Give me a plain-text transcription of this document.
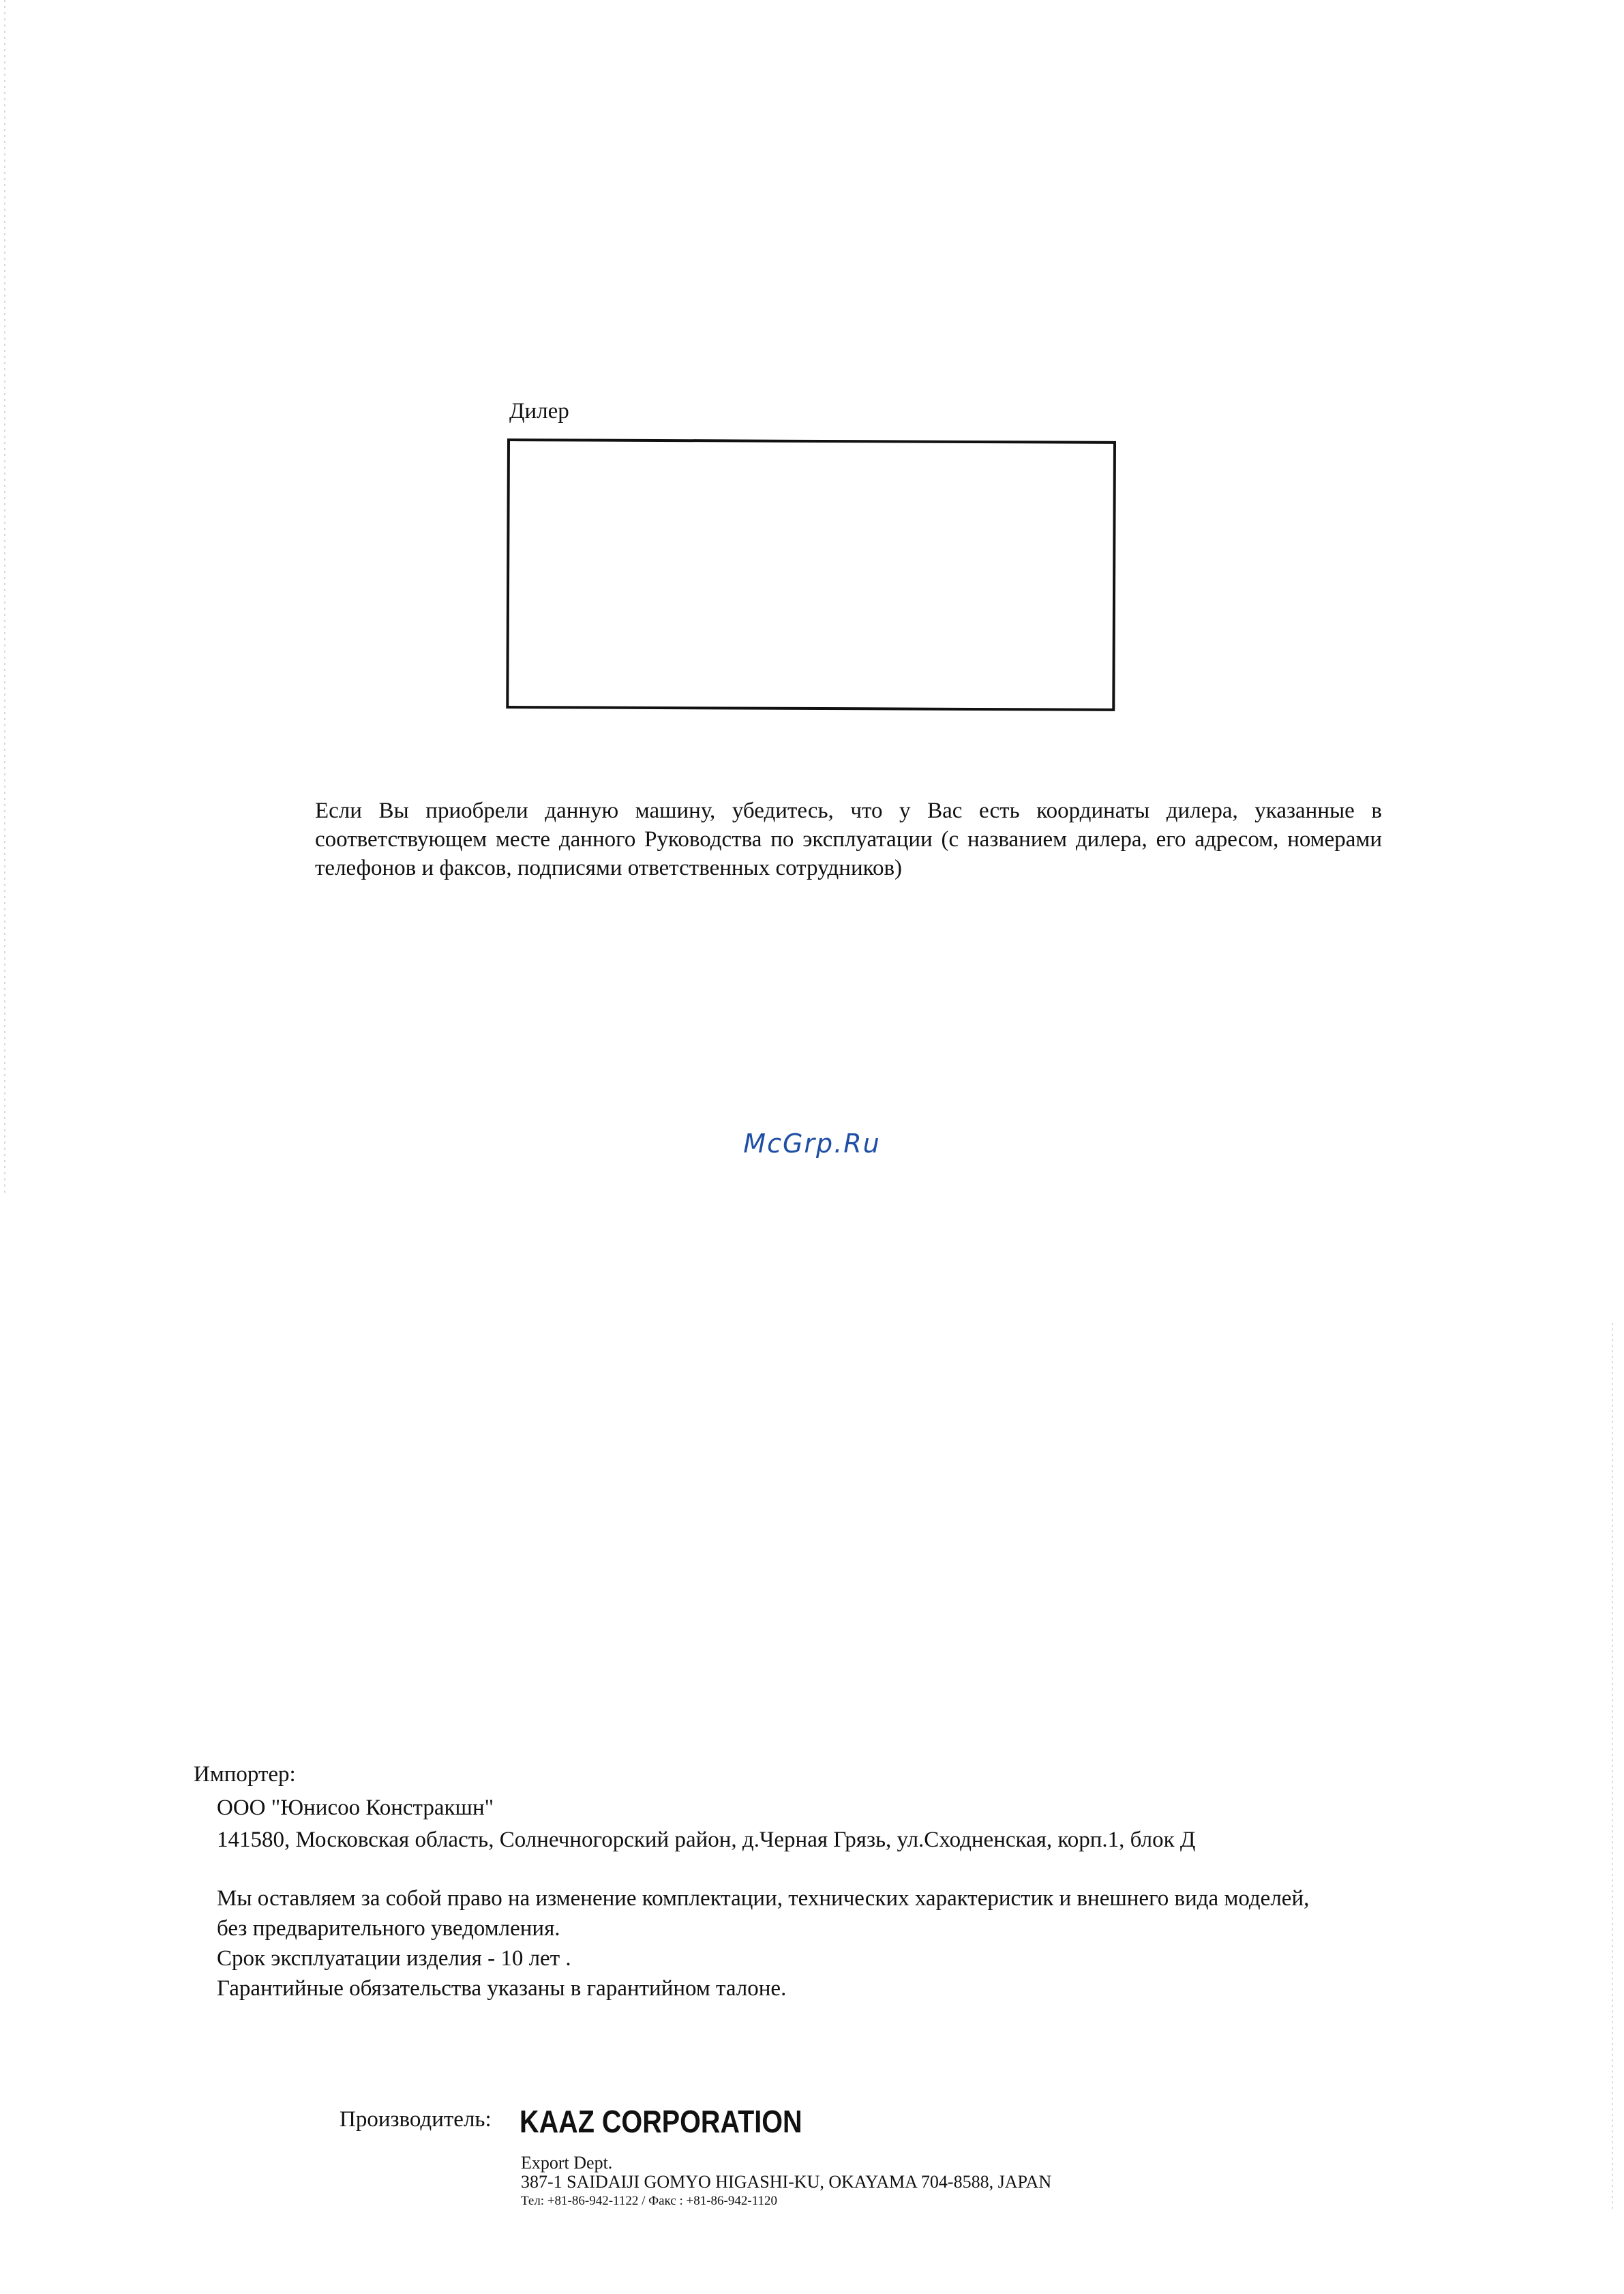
Дилер
Если Вы приобрели данную машину, убедитесь, что у Вас есть координаты дилера, указанные в соответствующем месте данного Руководства по эксплуатации (с названием дилера, его адресом, номерами телефонов и факсов, подписями ответственных сотрудников)
McGrp.Ru
Импортер:
ООО "Юнисоо Констракшн"
141580, Московская область, Солнечногорский район, д.Черная Грязь, ул.Сходненская, корп.1, блок Д
Мы оставляем за собой право на изменение комплектации, технических характеристик и внешнего вида моделей,
без предварительного уведомления.
Срок эксплуатации изделия - 10 лет .
Гарантийные обязательства указаны в гарантийном талоне.
Производитель: KAAZ CORPORATION
Export Dept.
387-1 SAIDAIJI GOMYO HIGASHI-KU, OKAYAMA 704-8588, JAPAN
Тел: +81-86-942-1122 / Факс : +81-86-942-1120
